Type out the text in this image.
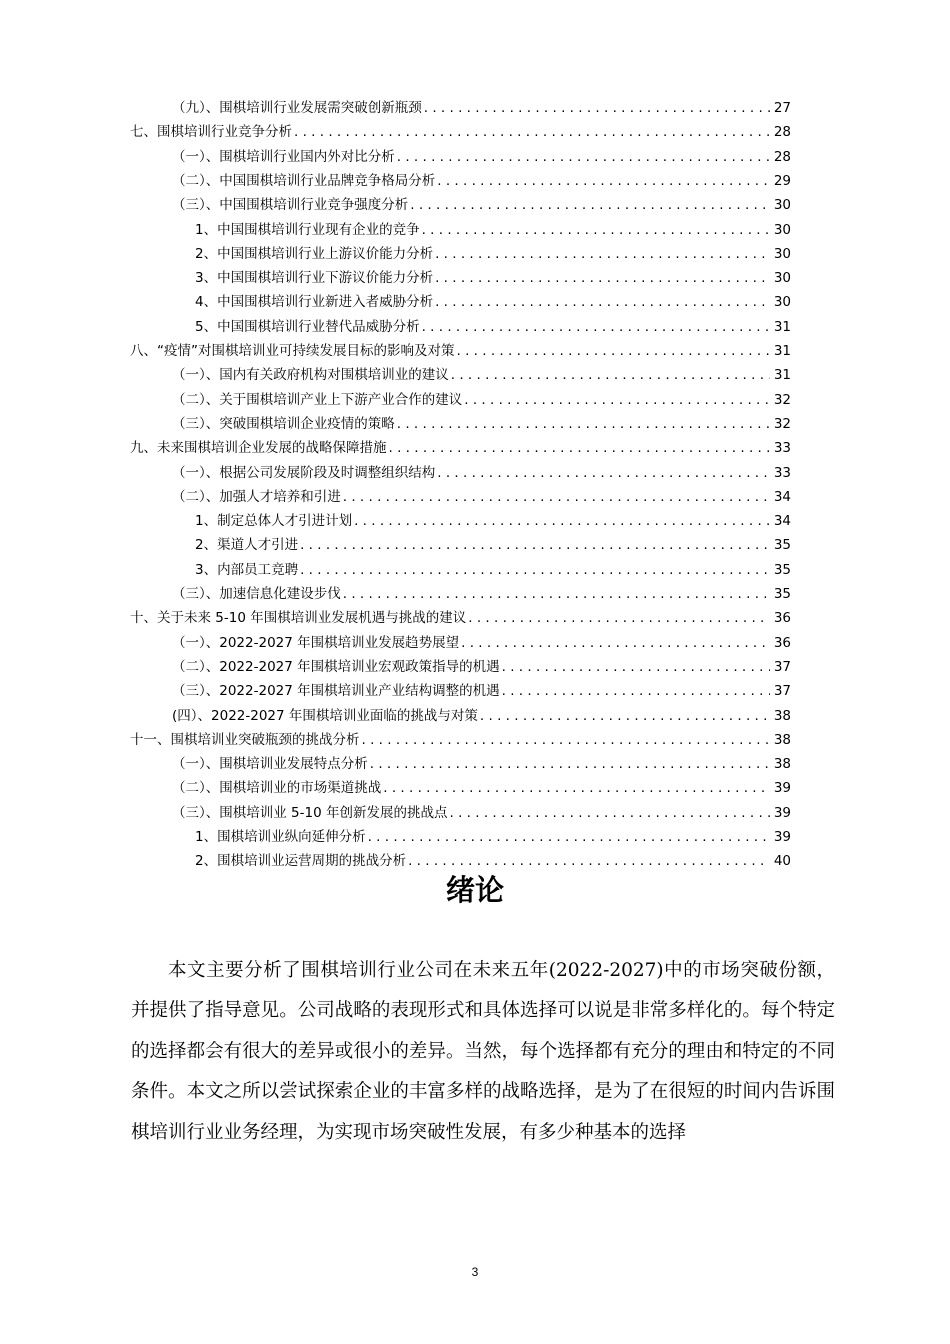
（九）、围棋培训行业发展需突破创新瓶颈 . . .	27
七、围棋培训行业竞争分析 . . .	28
（一）、围棋培训行业国内外对比分析 . . .	28
（二）、中国围棋培训行业品牌竞争格局分析 . . .	29
（三）、中国围棋培训行业竞争强度分析 . . .	30
1、中国围棋培训行业现有企业的竞争 . . .	30
2、中国围棋培训行业上游议价能力分析 . . .	30
3、中国围棋培训行业下游议价能力分析 . . .	30
4、中国围棋培训行业新进入者威胁分析 . . .	30
5、中国围棋培训行业替代品威胁分析 . . .	31
八、“疫情”对围棋培训业可持续发展目标的影响及对策 . . .	31
（一）、国内有关政府机构对围棋培训业的建议 . . .	31
（二）、关于围棋培训产业上下游产业合作的建议 . . .	32
（三）、突破围棋培训企业疫情的策略 . . .	32
九、未来围棋培训企业发展的战略保障措施 . . .	33
（一）、根据公司发展阶段及时调整组织结构 . . .	33
（二）、加强人才培养和引进 . . .	34
1、制定总体人才引进计划 . . .	34
2、渠道人才引进 . . .	35
3、内部员工竞聘 . . .	35
（三）、加速信息化建设步伐 . . .	35
十、关于未来 5-10 年围棋培训业发展机遇与挑战的建议 . . .	36
（一）、2022-2027 年围棋培训业发展趋势展望 . . .	36
（二）、2022-2027 年围棋培训业宏观政策指导的机遇 . . .	37
（三）、2022-2027 年围棋培训业产业结构调整的机遇 . . .	37
(四）、2022-2027 年围棋培训业面临的挑战与对策 . . .	38
十一、围棋培训业突破瓶颈的挑战分析 . . .	38
（一）、围棋培训业发展特点分析 . . .	38
（二）、围棋培训业的市场渠道挑战 . . .	39
（三）、围棋培训业 5-10 年创新发展的挑战点 . . .	39
1、围棋培训业纵向延伸分析 . . .	39
2、围棋培训业运营周期的挑战分析 . . .	40
绪论
本文主要分析了围棋培训行业公司在未来五年(2022-2027)中的市场突破份额，并提供了指导意见。公司战略的表现形式和具体选择可以说是非常多样化的。每个特定的选择都会有很大的差异或很小的差异。当然，每个选择都有充分的理由和特定的不同条件。本文之所以尝试探索企业的丰富多样的战略选择，是为了在很短的时间内告诉围棋培训行业业务经理，为实现市场突破性发展，有多少种基本的选择
3
